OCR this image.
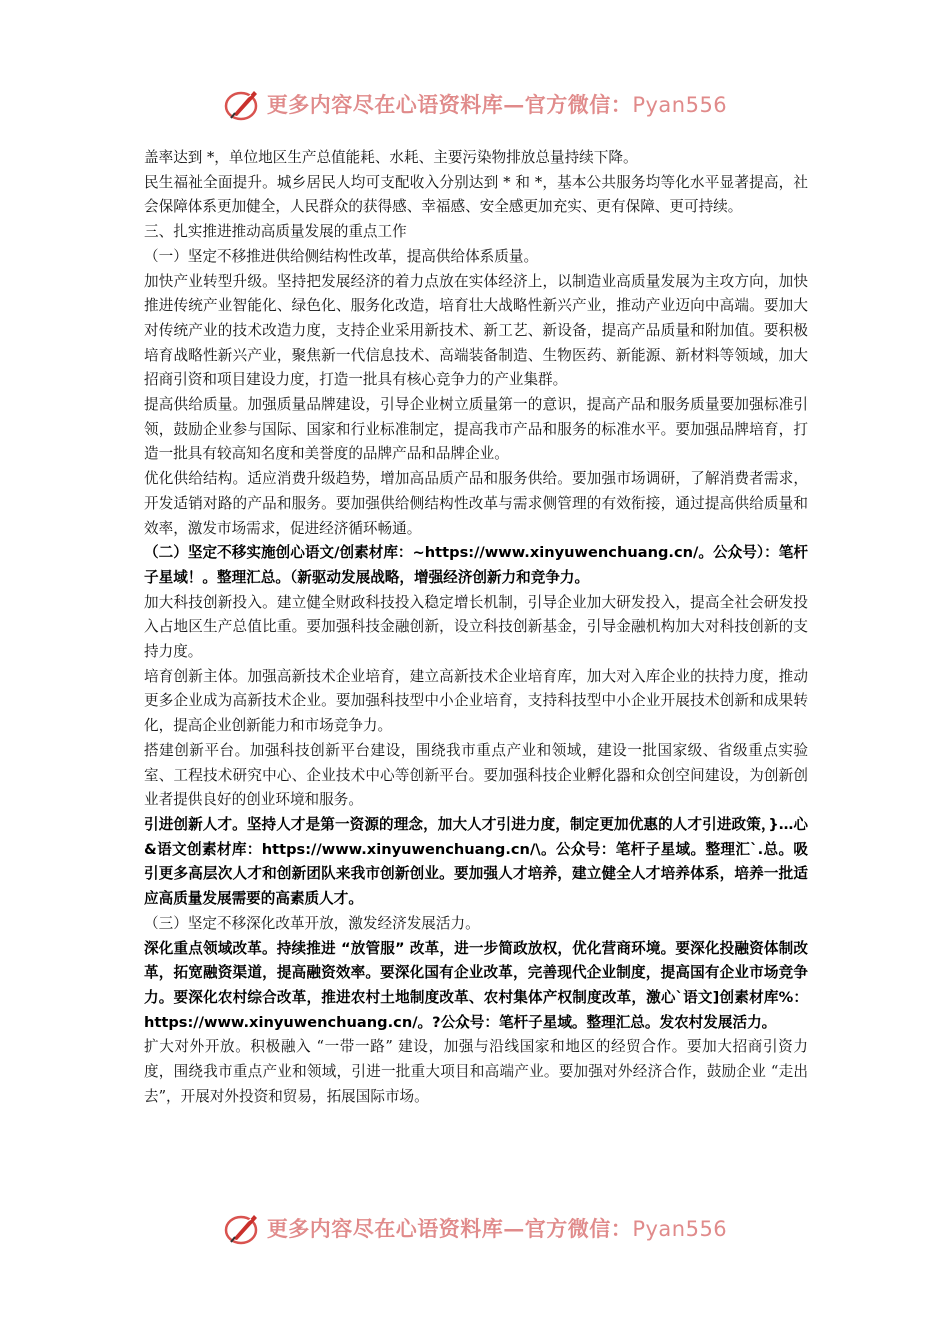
更多内容尽在心语资料库—官方微信：Pyan556

盖率达到 *，单位地区生产总值能耗、水耗、主要污染物排放总量持续下降。

民生福祉全面提升。城乡居民人均可支配收入分别达到 * 和 *，基本公共服务均等化水平显著提高，社会保障体系更加健全，人民群众的获得感、幸福感、安全感更加充实、更有保障、更可持续。

三、扎实推进推动高质量发展的重点工作

（一）坚定不移推进供给侧结构性改革，提高供给体系质量。

加快产业转型升级。坚持把发展经济的着力点放在实体经济上，以制造业高质量发展为主攻方向，加快推进传统产业智能化、绿色化、服务化改造，培育壮大战略性新兴产业，推动产业迈向中高端。要加大对传统产业的技术改造力度，支持企业采用新技术、新工艺、新设备，提高产品质量和附加值。要积极培育战略性新兴产业，聚焦新一代信息技术、高端装备制造、生物医药、新能源、新材料等领域，加大招商引资和项目建设力度，打造一批具有核心竞争力的产业集群。

提高供给质量。加强质量品牌建设，引导企业树立质量第一的意识，提高产品和服务质量要加强标准引领，鼓励企业参与国际、国家和行业标准制定，提高我市产品和服务的标准水平。要加强品牌培育，打造一批具有较高知名度和美誉度的品牌产品和品牌企业。

优化供给结构。适应消费升级趋势，增加高品质产品和服务供给。要加强市场调研，了解消费者需求，开发适销对路的产品和服务。要加强供给侧结构性改革与需求侧管理的有效衔接，通过提高供给质量和效率，激发市场需求，促进经济循环畅通。

（二）坚定不移实施创心语文/创素材库：~https://www.xinyuwenchuang.cn/。公众号）：笔杆子星域！。整理汇总。（新驱动发展战略，增强经济创新力和竞争力。

加大科技创新投入。建立健全财政科技投入稳定增长机制，引导企业加大研发投入，提高全社会研发投入占地区生产总值比重。要加强科技金融创新，设立科技创新基金，引导金融机构加大对科技创新的支持力度。

培育创新主体。加强高新技术企业培育，建立高新技术企业培育库，加大对入库企业的扶持力度，推动更多企业成为高新技术企业。要加强科技型中小企业培育，支持科技型中小企业开展技术创新和成果转化，提高企业创新能力和市场竞争力。

搭建创新平台。加强科技创新平台建设，围绕我市重点产业和领域，建设一批国家级、省级重点实验室、工程技术研究中心、企业技术中心等创新平台。要加强科技企业孵化器和众创空间建设，为创新创业者提供良好的创业环境和服务。

引进创新人才。坚持人才是第一资源的理念，加大人才引进力度，制定更加优惠的人才引进政策，}…心&语文创素材库：https://www.xinyuwenchuang.cn/\。公众号：笔杆子星域。整理汇`.总。吸引更多高层次人才和创新团队来我市创新创业。要加强人才培养，建立健全人才培养体系，培养一批适应高质量发展需要的高素质人才。

（三）坚定不移深化改革开放，激发经济发展活力。

深化重点领域改革。持续推进 “放管服” 改革，进一步简政放权，优化营商环境。要深化投融资体制改革，拓宽融资渠道，提高融资效率。要深化国有企业改革，完善现代企业制度，提高国有企业市场竞争力。要深化农村综合改革，推进农村土地制度改革、农村集体产权制度改革，激心`语文]创素材库%：https://www.xinyuwenchuang.cn/。?公众号：笔杆子星域。整理汇总。发农村发展活力。

扩大对外开放。积极融入 “一带一路” 建设，加强与沿线国家和地区的经贸合作。要加大招商引资力度，围绕我市重点产业和领域，引进一批重大项目和高端产业。要加强对外经济合作，鼓励企业 “走出去”，开展对外投资和贸易，拓展国际市场。

更多内容尽在心语资料库—官方微信：Pyan556
